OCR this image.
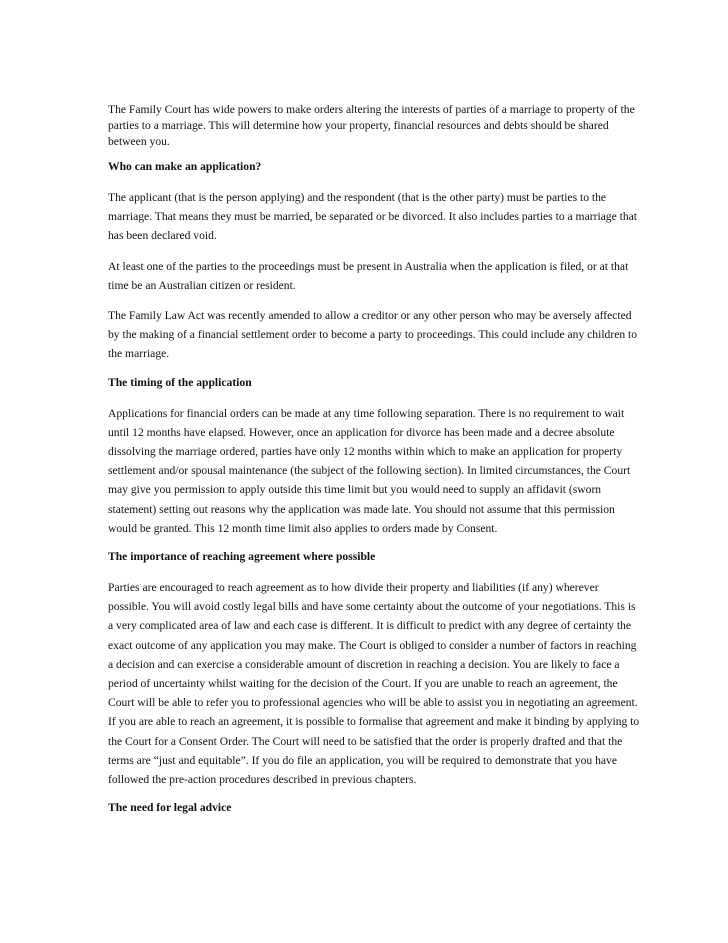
The Family Court has wide powers to make orders altering the interests of parties of a marriage to property of the parties to a marriage. This will determine how your property, financial resources and debts should be shared between you.

Who can make an application?

The applicant (that is the person applying) and the respondent (that is the other party) must be parties to the marriage. That means they must be married, be separated or be divorced. It also includes parties to a marriage that has been declared void.

At least one of the parties to the proceedings must be present in Australia when the application is filed, or at that time be an Australian citizen or resident.

The Family Law Act was recently amended to allow a creditor or any other person who may be aversely affected by the making of a financial settlement order to become a party to proceedings. This could include any children to the marriage.

The timing of the application

Applications for financial orders can be made at any time following separation. There is no requirement to wait until 12 months have elapsed. However, once an application for divorce has been made and a decree absolute dissolving the marriage ordered, parties have only 12 months within which to make an application for property settlement and/or spousal maintenance (the subject of the following section). In limited circumstances, the Court may give you permission to apply outside this time limit but you would need to supply an affidavit (sworn statement) setting out reasons why the application was made late. You should not assume that this permission would be granted. This 12 month time limit also applies to orders made by Consent.

The importance of reaching agreement where possible

Parties are encouraged to reach agreement as to how divide their property and liabilities (if any) wherever possible. You will avoid costly legal bills and have some certainty about the outcome of your negotiations. This is a very complicated area of law and each case is different. It is difficult to predict with any degree of certainty the exact outcome of any application you may make. The Court is obliged to consider a number of factors in reaching a decision and can exercise a considerable amount of discretion in reaching a decision. You are likely to face a period of uncertainty whilst waiting for the decision of the Court. If you are unable to reach an agreement, the Court will be able to refer you to professional agencies who will be able to assist you in negotiating an agreement. If you are able to reach an agreement, it is possible to formalise that agreement and make it binding by applying to the Court for a Consent Order. The Court will need to be satisfied that the order is properly drafted and that the terms are “just and equitable”. If you do file an application, you will be required to demonstrate that you have followed the pre-action procedures described in previous chapters.

The need for legal advice
